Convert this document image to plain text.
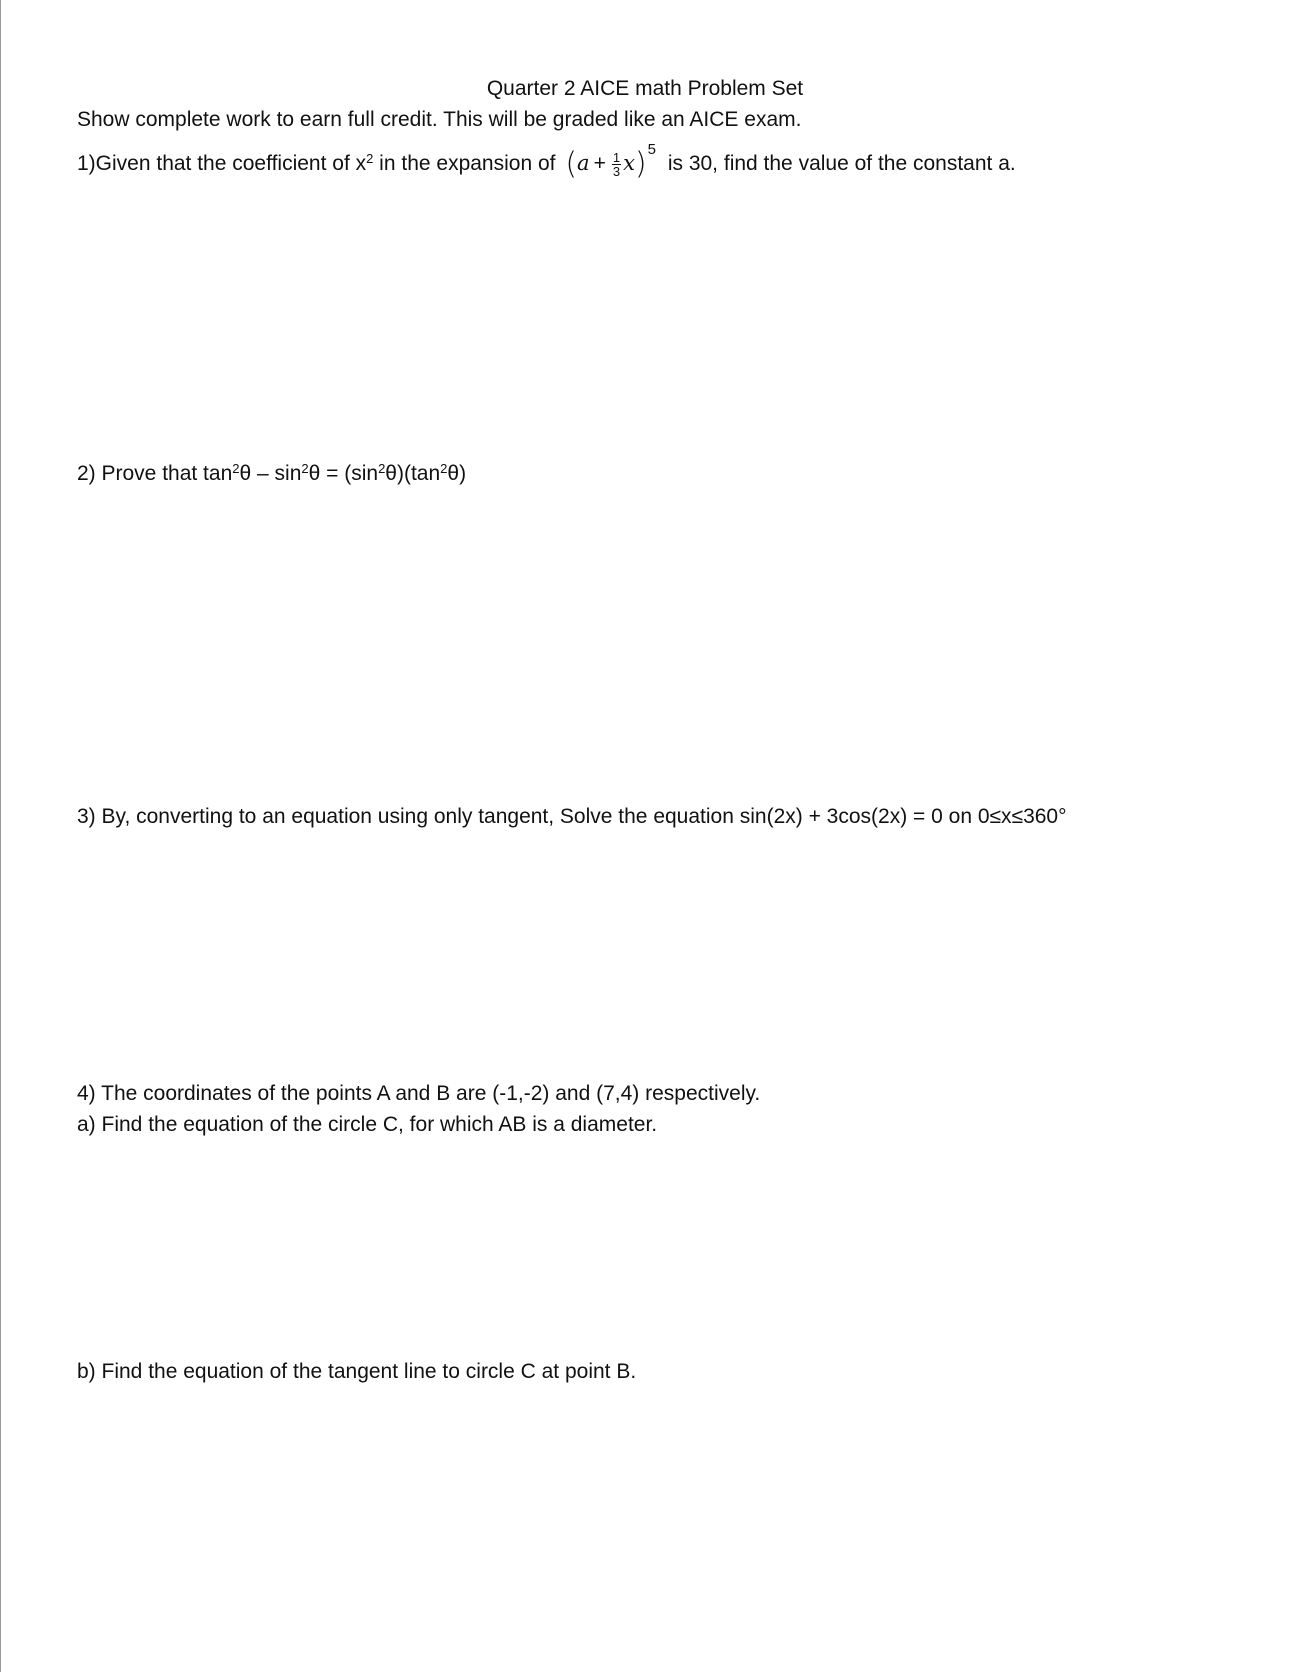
Quarter 2 AICE math Problem Set
Show complete work to earn full credit. This will be graded like an AICE exam.
1)Given that the coefficient of $x^2$ in the expansion of $(a + \frac{1}{3} x)^5$ is 30, find the value of the constant a.
2) Prove that $\tan^2\theta - \sin^2\theta = (\sin^2\theta)(\tan^2\theta)$
3) By, converting to an equation using only tangent, Solve the equation sin(2x) + 3cos(2x) = 0 on 0≤x≤360°
4) The coordinates of the points A and B are (-1,-2) and (7,4) respectively.
a) Find the equation of the circle C, for which AB is a diameter.
b) Find the equation of the tangent line to circle C at point B.
